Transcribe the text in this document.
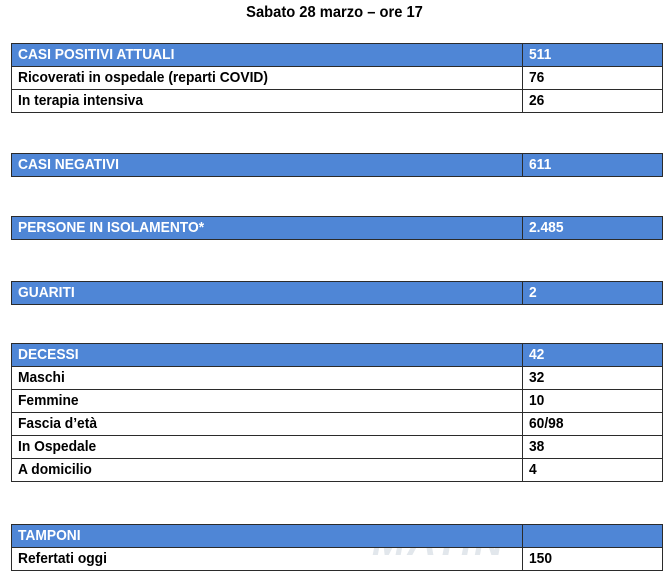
Sabato 28 marzo – ore 17
CASI POSITIVI ATTUALI	511
Ricoverati in ospedale (reparti COVID)	76
In terapia intensiva	26
CASI NEGATIVI	611
PERSONE IN ISOLAMENTO*	2.485
GUARITI	2
DECESSI	42
Maschi	32
Femmine	10
Fascia d’età	60/98
In Ospedale	38
A domicilio	4
TAMPONI	
Refertati oggi	150
